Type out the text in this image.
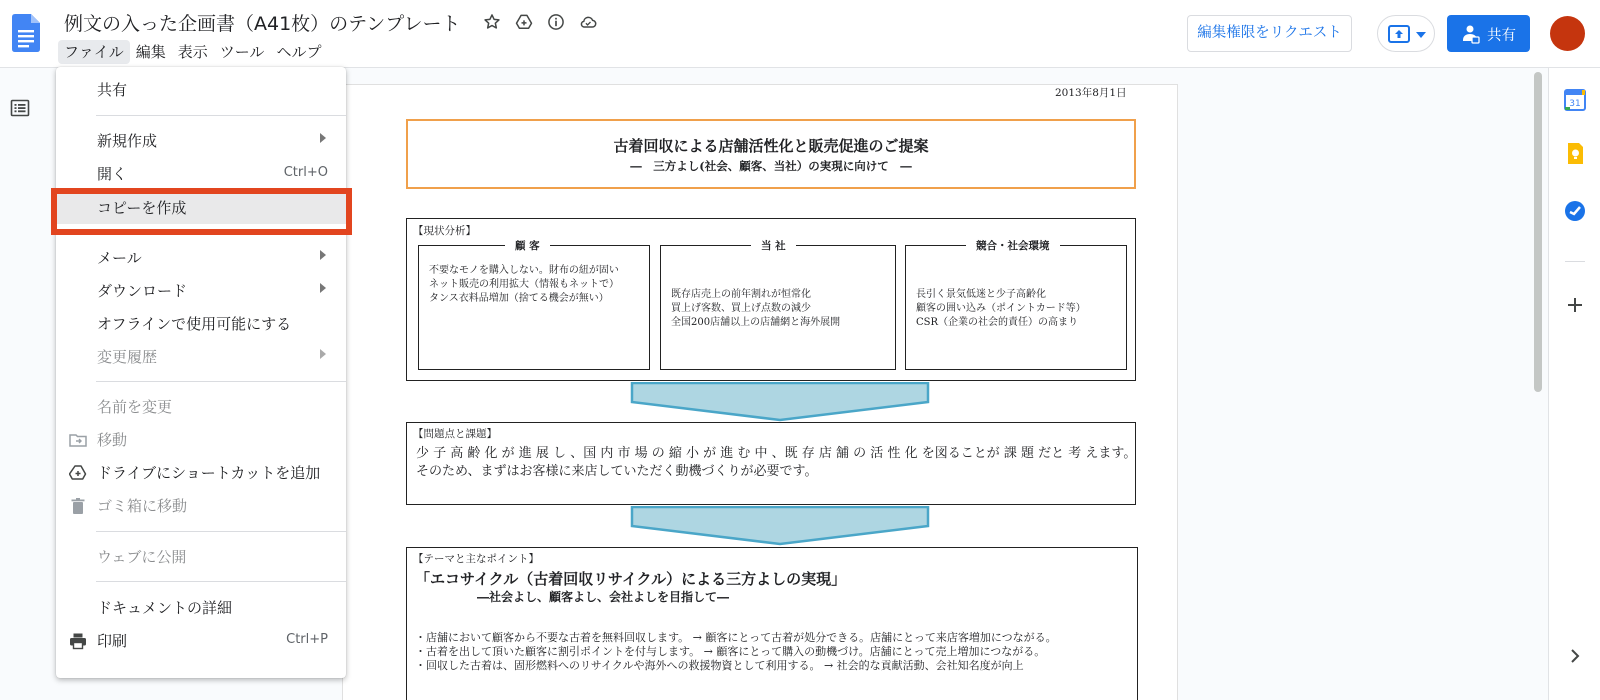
例文の入った企画書（A41枚）のテンプレート
ファイル 編集 表示 ツール ヘルプ
編集権限をリクエスト	共有
2013年8月1日
古着回収による店舗活性化と販売促進のご提案
―　三方よし(社会、顧客、当社）の実現に向けて　―
【現状分析】
顧 客
不要なモノを購入しない。財布の紐が固い
ネット販売の利用拡大（情報もネットで）
タンス衣料品増加（捨てる機会が無い）
当 社
既存店売上の前年割れが恒常化
買上げ客数、買上げ点数の減少
全国200店舗以上の店舗網と海外展開
競合・社会環境
長引く景気低迷と少子高齢化
顧客の囲い込み（ポイントカード等）
CSR（企業の社会的責任）の高まり
【問題点と課題】
少 子 高 齢 化 が 進 展 し 、国 内 市 場 の 縮 小 が 進 む 中 、既 存 店 舗 の 活 性 化 を図ることが 課 題 だと 考 えます。
そのため、まずはお客様に来店していただく動機づくりが必要です。
【テーマと主なポイント】
「エコサイクル（古着回収リサイクル）による三方よしの実現」
―社会よし、顧客よし、会社よしを目指して―
・店舗において顧客から不要な古着を無料回収します。 → 顧客にとって古着が処分できる。店舗にとって来店客増加につながる。
・古着を出して頂いた顧客に割引ポイントを付与します。 → 顧客にとって購入の動機づけ。店舗にとって売上増加につながる。
・回収した古着は、固形燃料へのリサイクルや海外への救援物資として利用する。 → 社会的な貢献活動、会社知名度が向上
31
共有
新規作成
開く	Ctrl+O
コピーを作成
メール
ダウンロード
オフラインで使用可能にする
変更履歴
名前を変更
移動
ドライブにショートカットを追加
ゴミ箱に移動
ウェブに公開
ドキュメントの詳細
印刷	Ctrl+P
